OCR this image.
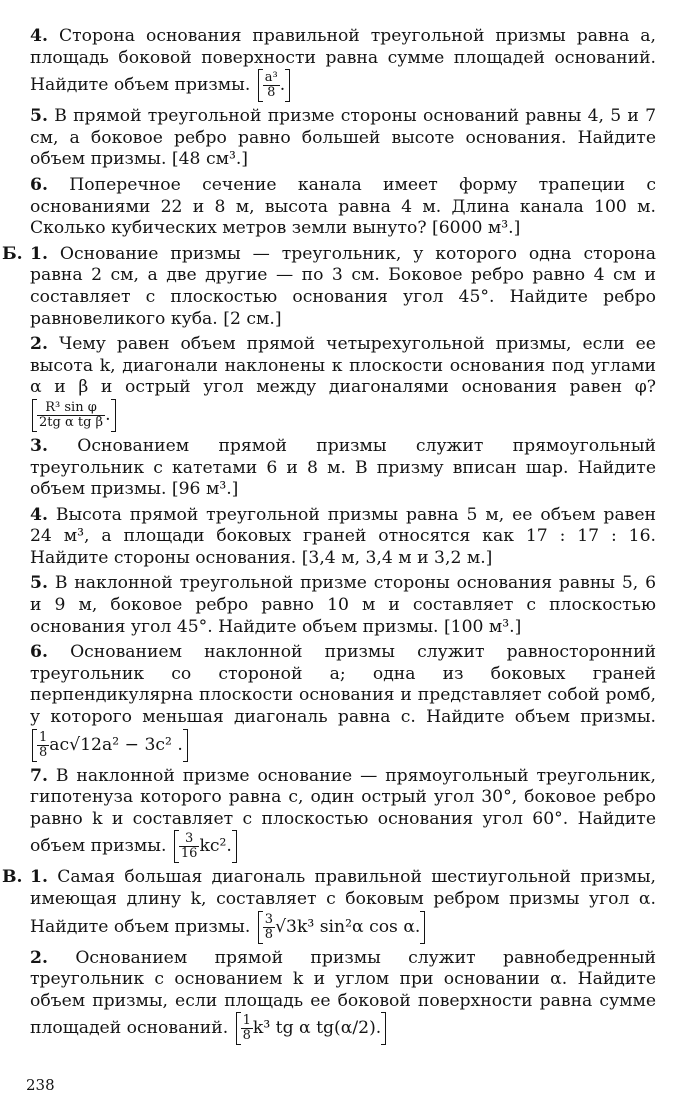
4. Сторона основания правильной треугольной призмы равна а, площадь боковой поверхности равна сумме площадей оснований. Найдите объем призмы. $\frac{\text{a³}}{8}$ .
5. В прямой треугольной призме стороны оснований равны 4, 5 и 7 см, а боковое ребро равно большей высоте основания. Найдите объем призмы. [48 см³.]
6. Поперечное сечение канала имеет форму трапеции с основаниями 22 и 8 м, высота равна 4 м. Длина канала 100 м. Сколько кубических метров земли вынуто? [6000 м³.]
Б. 1. Основание призмы — треугольник, у которого одна сторона равна 2 см, а две другие — по 3 см. Боковое ребро равно 4 см и составляет с плоскостью основания угол 45°. Найдите ребро равновеликого куба. [2 см.]
2. Чему равен объем прямой четырехугольной призмы, если ее высота k, диагонали наклонены к плоскости основания под углами α и β и острый угол между диагоналями основания равен φ?
$\frac{\text{R³ sin φ}}{\text{2tg α tg β}}$ .
3. Основанием прямой призмы служит прямоугольный треугольник с катетами 6 и 8 м. В призму вписан шар. Найдите объем призмы. [96 м³.]
4. Высота прямой треугольной призмы равна 5 м, ее объем равен 24 м³, а площади боковых граней относятся как 17 : 17 : 16. Найдите стороны основания. [3,4 м, 3,4 м и 3,2 м.]
5. В наклонной треугольной призме стороны основания равны 5, 6 и 9 м, боковое ребро равно 10 м и составляет с плоскостью основания угол 45°. Найдите объем призмы. [100 м³.]
6. Основанием наклонной призмы служит равносторонний треугольник со стороной а; одна из боковых граней перпендикулярна плоскости основания и представляет собой ромб, у которого меньшая диагональ равна с. Найдите объем призмы.
$\frac{1}{8} ac√12a^2 - 3c^2$ .
7. В наклонной призме основание — прямоугольный треугольник, гипотенуза которого равна с, один острый угол 30°, боковое ребро равно k и составляет с плоскостью основания угол 60°. Найдите объем призмы. $\frac{3}{16} kc^2$.
В. 1. Самая большая диагональ правильной шестиугольной призмы, имеющая длину k, составляет с боковым ребром призмы угол α. Найдите объем призмы. $\frac{3}{8} √3k^3$ sin²α cos α.
2. Основанием прямой призмы служит равнобедренный треугольник с основанием k и углом при основании α. Найдите объем призмы, если площадь ее боковой поверхности равна сумме площадей оснований. $\frac{1}{8} k^3$ tg α tg(α/2).
238
